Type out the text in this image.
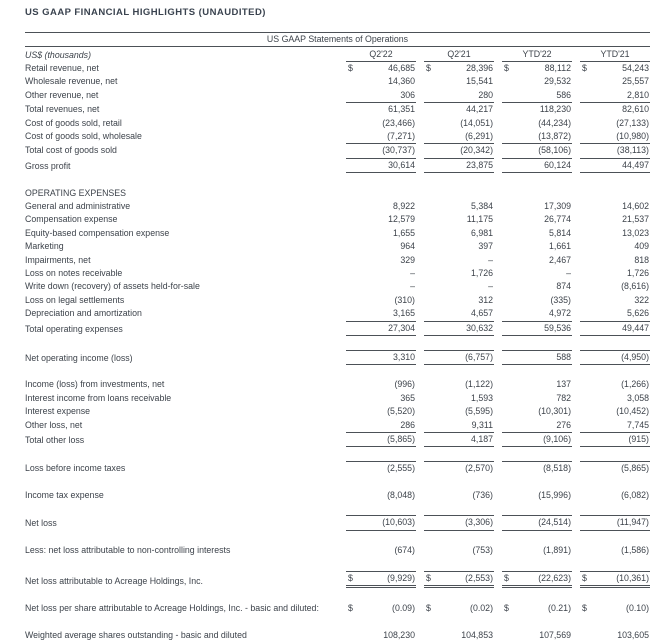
US GAAP FINANCIAL HIGHLIGHTS (UNAUDITED)
US GAAP Statements of Operations
US$ (thousands)	Q2'22	Q2'21	YTD'22	YTD'21
Retail revenue, net	$	46,685 $	28,396 $	88,112 $	54,243
Wholesale revenue, net	14,360	15,541	29,532	25,557
Other revenue, net	306	280	586	2,810
Total revenues, net	61,351	44,217	118,230	82,610
Cost of goods sold, retail	(23,466)	(14,051)	(44,234)	(27,133)
Cost of goods sold, wholesale	(7,271)	(6,291)	(13,872)	(10,980)
Total cost of goods sold	(30,737)	(20,342)	(58,106)	(38,113)
Gross profit	30,614	23,875	60,124	44,497
OPERATING EXPENSES
General and administrative	8,922	5,384	17,309	14,602
Compensation expense	12,579	11,175	26,774	21,537
Equity-based compensation expense	1,655	6,981	5,814	13,023
Marketing	964	397	1,661	409
Impairments, net	329	–	2,467	818
Loss on notes receivable	–	1,726	–	1,726
Write down (recovery) of assets held-for-sale	–	–	874	(8,616)
Loss on legal settlements	(310)	312	(335)	322
Depreciation and amortization	3,165	4,657	4,972	5,626
Total operating expenses	27,304	30,632	59,536	49,447
Net operating income (loss)	3,310	(6,757)	588	(4,950)
Income (loss) from investments, net	(996)	(1,122)	137	(1,266)
Interest income from loans receivable	365	1,593	782	3,058
Interest expense	(5,520)	(5,595)	(10,301)	(10,452)
Other loss, net	286	9,311	276	7,745
Total other loss	(5,865)	4,187	(9,106)	(915)
Loss before income taxes	(2,555)	(2,570)	(8,518)	(5,865)
Income tax expense	(8,048)	(736)	(15,996)	(6,082)
Net loss	(10,603)	(3,306)	(24,514)	(11,947)
Less: net loss attributable to non-controlling interests	(674)	(753)	(1,891)	(1,586)
Net loss attributable to Acreage Holdings, Inc.	$	(9,929) $	(2,553) $	(22,623) $	(10,361)
Net loss per share attributable to Acreage Holdings, Inc. - basic and diluted:	$	(0.09) $	(0.02) $	(0.21) $	(0.10)
Weighted average shares outstanding - basic and diluted	108,230	104,853	107,569	103,605
